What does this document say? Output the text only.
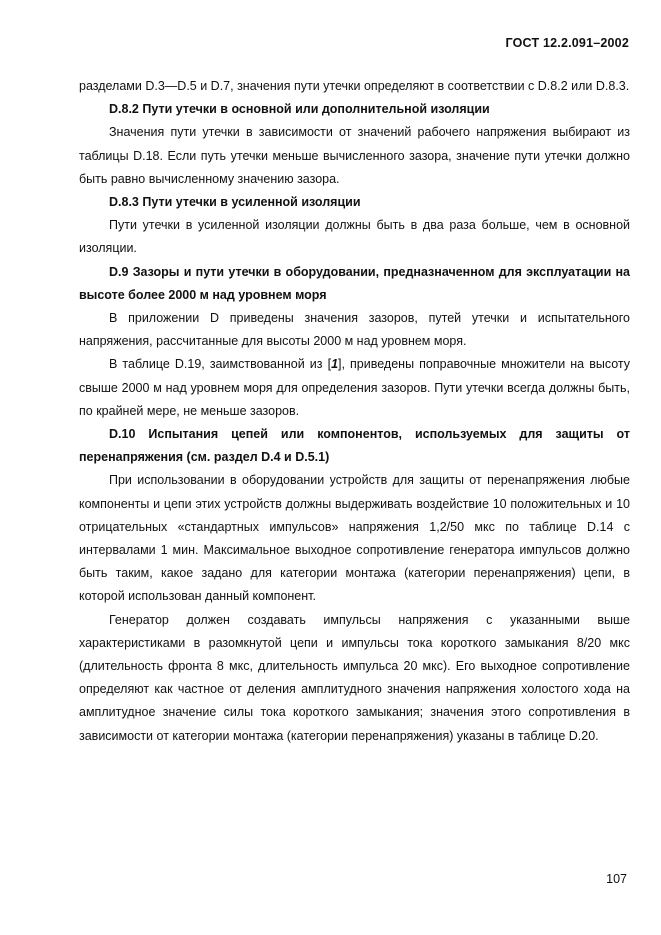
ГОСТ 12.2.091–2002

разделами D.3—D.5 и D.7, значения пути утечки определяют в соответствии с D.8.2 или D.8.3.

D.8.2 Пути утечки в основной или дополнительной изоляции

Значения пути утечки в зависимости от значений рабочего напряжения выбирают из таблицы D.18. Если путь утечки меньше вычисленного зазора, значение пути утечки должно быть равно вычисленному значению зазора.

D.8.3 Пути утечки в усиленной изоляции

Пути утечки в усиленной изоляции должны быть в два раза больше, чем в основной изоляции.

D.9 Зазоры и пути утечки в оборудовании, предназначенном для эксплуатации на высоте более 2000 м над уровнем моря

В приложении D приведены значения зазоров, путей утечки и испытательного напряжения, рассчитанные для высоты 2000 м над уровнем моря.

В таблице D.19, заимствованной из [1], приведены поправочные множители на высоту свыше 2000 м над уровнем моря для определения зазоров. Пути утечки всегда должны быть, по крайней мере, не меньше зазоров.

D.10 Испытания цепей или компонентов, используемых для защиты от перенапряжения (см. раздел D.4 и D.5.1)

При использовании в оборудовании устройств для защиты от перенапряжения любые компоненты и цепи этих устройств должны выдерживать воздействие 10 положительных и 10 отрицательных «стандартных импульсов» напряжения 1,2/50 мкс по таблице D.14 с интервалами 1 мин. Максимальное выходное сопротивление генератора импульсов должно быть таким, какое задано для категории монтажа (категории перенапряжения) цепи, в которой использован данный компонент.

Генератор должен создавать импульсы напряжения с указанными выше характеристиками в разомкнутой цепи и импульсы тока короткого замыкания 8/20 мкс (длительность фронта 8 мкс, длительность импульса 20 мкс). Его выходное сопротивление определяют как частное от деления амплитудного значения напряжения холостого хода на амплитудное значение силы тока короткого замыкания; значения этого сопротивления в зависимости от категории монтажа (категории перенапряжения) указаны в таблице D.20.

107
